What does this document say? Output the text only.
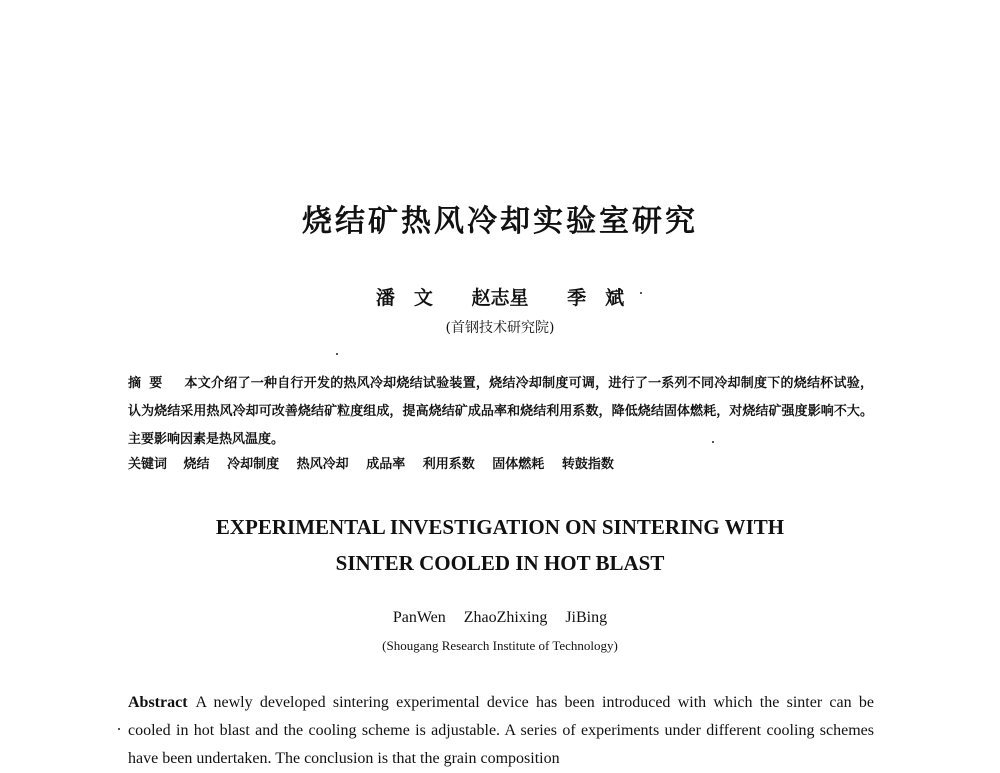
烧结矿热风冷却实验室研究
潘　文 赵志星 季　斌
(首钢技术研究院)
摘要 本文介绍了一种自行开发的热风冷却烧结试验装置，烧结冷却制度可调，进行了一系列不同冷却制度下的烧结杯试验，认为烧结采用热风冷却可改善烧结矿粒度组成，提高烧结矿成品率和烧结利用系数，降低烧结固体燃耗，对烧结矿强度影响不大。主要影响因素是热风温度。
关键词 烧结 冷却制度 热风冷却 成品率 利用系数 固体燃耗 转鼓指数
EXPERIMENTAL INVESTIGATION ON SINTERING WITH
SINTER COOLED IN HOT BLAST
PanWen ZhaoZhixing JiBing
(Shougang Research Institute of Technology)
Abstract A newly developed sintering experimental device has been introduced with which the sinter can be cooled in hot blast and the cooling scheme is adjustable. A series of experiments under different cooling schemes have been undertaken. The conclusion is that the grain composition
